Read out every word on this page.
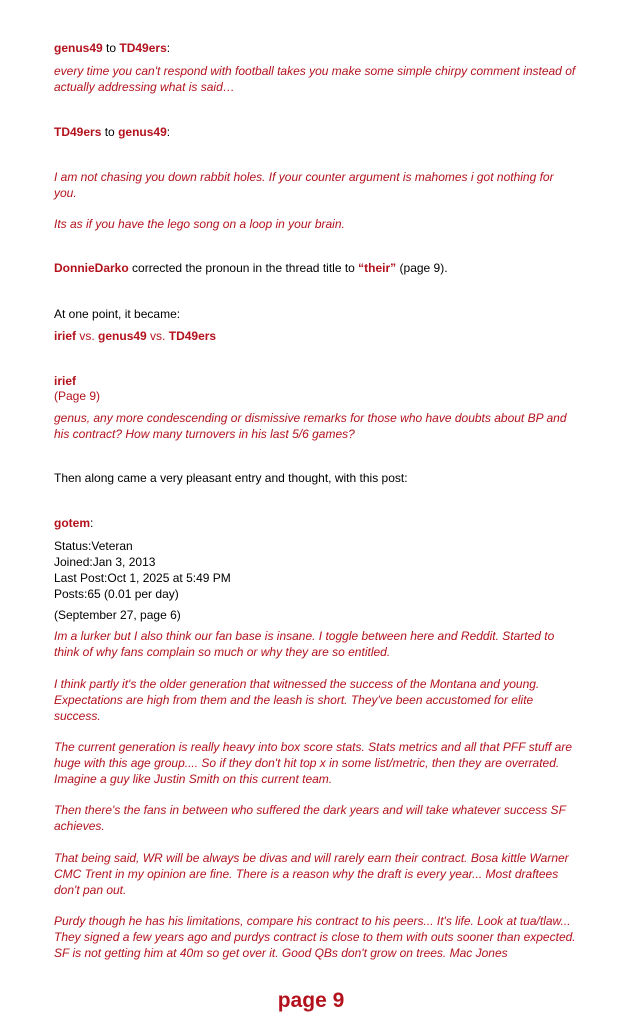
genus49 to TD49ers:
every time you can't respond with football takes you make some simple chirpy comment instead of actually addressing what is said…
TD49ers to genus49:
I am not chasing you down rabbit holes. If your counter argument is mahomes i got nothing for you.
Its as if you have the lego song on a loop in your brain.
DonnieDarko corrected the pronoun in the thread title to “their” (page 9).
At one point, it became:
irief vs. genus49 vs. TD49ers
irief
(Page 9)
genus, any more condescending or dismissive remarks for those who have doubts about BP and his contract? How many turnovers in his last 5/6 games?
Then along came a very pleasant entry and thought, with this post:
gotem:
Status:Veteran
Joined:Jan 3, 2013
Last Post:Oct 1, 2025 at 5:49 PM
Posts:65 (0.01 per day)
(September 27, page 6)
Im a lurker but I also think our fan base is insane. I toggle between here and Reddit. Started to think of why fans complain so much or why they are so entitled.
I think partly it's the older generation that witnessed the success of the Montana and young. Expectations are high from them and the leash is short. They've been accustomed for elite success.
The current generation is really heavy into box score stats. Stats metrics and all that PFF stuff are huge with this age group.... So if they don't hit top x in some list/metric, then they are overrated. Imagine a guy like Justin Smith on this current team.
Then there's the fans in between who suffered the dark years and will take whatever success SF achieves.
That being said, WR will be always be divas and will rarely earn their contract. Bosa kittle Warner CMC Trent in my opinion are fine. There is a reason why the draft is every year... Most draftees don't pan out.
Purdy though he has his limitations, compare his contract to his peers... It's life. Look at tua/tlaw... They signed a few years ago and purdys contract is close to them with outs sooner than expected. SF is not getting him at 40m so get over it. Good QBs don't grow on trees. Mac Jones
page 9
